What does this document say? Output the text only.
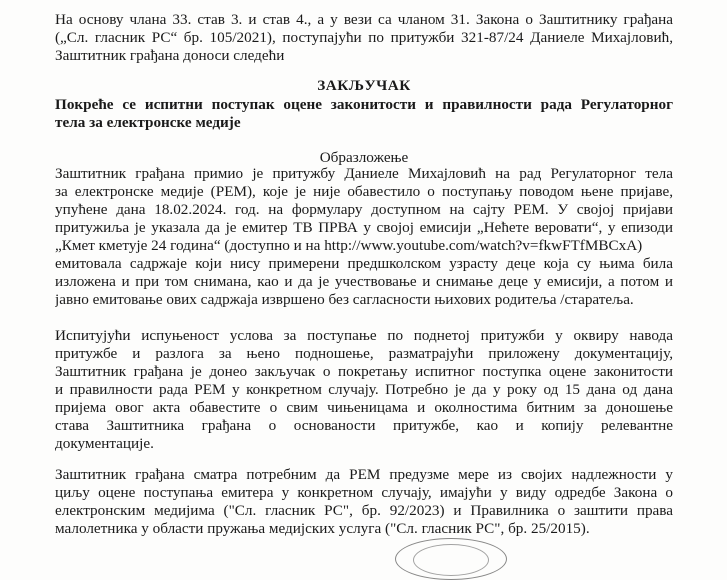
На основу члана 33. став 3. и став 4., а у вези са чланом 31. Закона о Заштитнику грађана
(„Сл. гласник РС“ бр. 105/2021), поступајући по притужби 321-87/24 Даниеле Михајловић,
Заштитник грађана доноси следећи
ЗАКЉУЧАК
Покреће се испитни поступак оцене законитости и правилности рада Регулаторног
тела за електронске медије
Образложење
Заштитник грађана примио је притужбу Даниеле Михајловић на рад Регулаторног тела
за електронске медије (РЕМ), које је није обавестило о поступању поводом њене пријаве,
упућене дана 18.02.2024. год. на формулару доступном на сајту РЕМ. У својој пријави
притужиља је указала да је емитер ТВ ПРВА у својој емисији „Нећете веровати“, у епизоди
„Кмет кметује 24 година“ (доступно и на http://www.youtube.com/watch?v=fkwFTfMBCxA)
емитовала садржаје који нису примерени предшколском узрасту деце која су њима била
изложена и при том снимана, као и да је учествовање и снимање деце у емисији, а потом и
јавно емитовање ових садржаја извршено без сагласности њихових родитеља /старатеља.
Испитујући испуњеност услова за поступање по поднетој притужби у оквиру навода
притужбе и разлога за њено подношење, разматрајући приложену документацију,
Заштитник грађана је донео закључак о покретању испитног поступка оцене законитости
и правилности рада РЕМ у конкретном случају. Потребно је да у року од 15 дана од дана
пријема овог акта обавестите о свим чињеницама и околностима битним за доношење
става Заштитника грађана о основаности притужбе, као и копију релевантне
документације.
Заштитник грађана сматра потребним да РЕМ предузме мере из својих надлежности у
циљу оцене поступања емитера у конкретном случају, имајући у виду одредбе Закона о
електронским медијима ("Сл. гласник РС", бр. 92/2023) и Правилника о заштити права
малолетника у области пружања медијских услуга ("Сл. гласник РС", бр. 25/2015).
